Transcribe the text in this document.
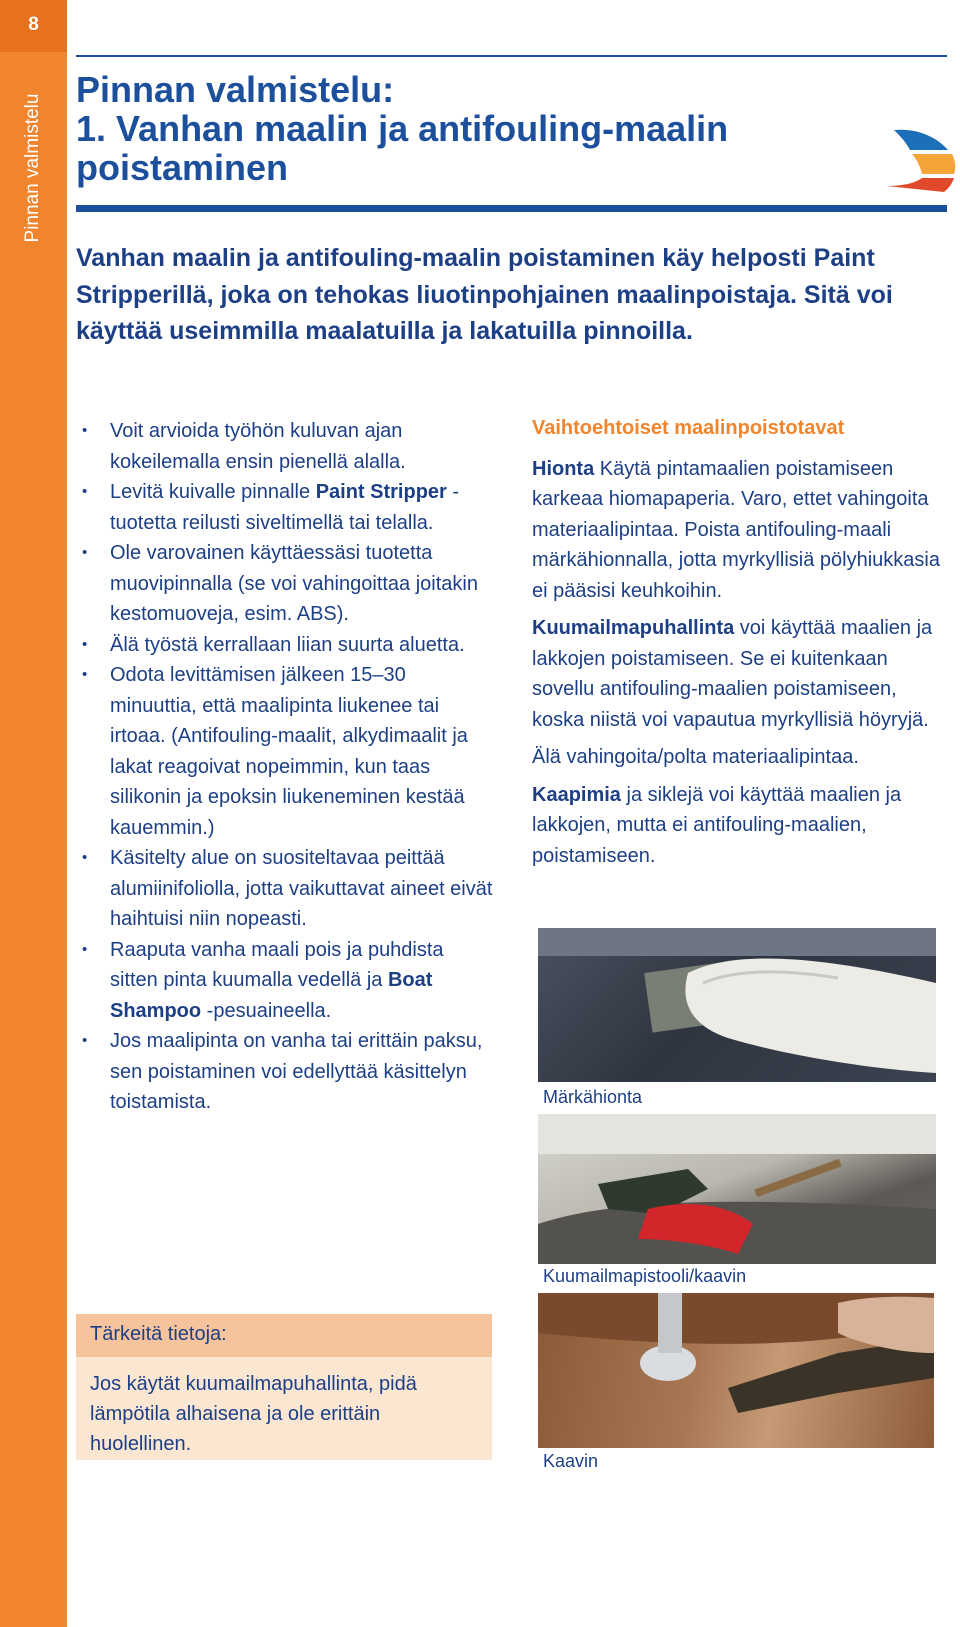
8
Pinnan valmistelu
Pinnan valmistelu:
1. Vanhan maalin ja antifouling-maalin
poistaminen

Vanhan maalin ja antifouling-maalin poistaminen käy helposti Paint Stripperillä, joka on tehokas liuotinpohjainen maalinpoistaja. Sitä voi käyttää useimmilla maalatuilla ja lakatuilla pinnoilla.

• Voit arvioida työhön kuluvan ajan kokeilemalla ensin pienellä alalla.
• Levitä kuivalle pinnalle Paint Stripper -tuotetta reilusti siveltimellä tai telalla.
• Ole varovainen käyttäessäsi tuotetta muovipinnalla (se voi vahingoittaa joitakin kestomuoveja, esim. ABS).
• Älä työstä kerrallaan liian suurta aluetta.
• Odota levittämisen jälkeen 15–30 minuuttia, että maalipinta liukenee tai irtoaa. (Antifouling-maalit, alkydimaalit ja lakat reagoivat nopeimmin, kun taas silikonin ja epoksin liukeneminen kestää kauemmin.)
• Käsitelty alue on suositeltavaa peittää alumiinifoliolla, jotta vaikuttavat aineet eivät haihtuisi niin nopeasti.
• Raaputa vanha maali pois ja puhdista sitten pinta kuumalla vedellä ja Boat Shampoo -pesuaineella.
• Jos maalipinta on vanha tai erittäin paksu, sen poistaminen voi edellyttää käsittelyn toistamista.
Vaihtoehtoiset maalinpoistotavat

Hionta Käytä pintamaalien poistamiseen karkeaa hiomapaperia. Varo, ettet vahingoita materiaalipintaa. Poista antifouling-maali märkähionnalla, jotta myrkyllisiä pölyhiukkasia ei pääsisi keuhkoihin.

Kuumailmapuhallinta voi käyttää maalien ja lakkojen poistamiseen. Se ei kuitenkaan sovellu antifouling-maalien poistamiseen, koska niistä voi vapautua myrkyllisiä höyryjä.

Älä vahingoita/polta materiaalipintaa.

Kaapimia ja siklejä voi käyttää maalien ja lakkojen, mutta ei antifouling-maalien, poistamiseen.

Märkähionta
Kuumailmapistooli/kaavin
Kaavin
Tärkeitä tietoja:
Jos käytät kuumailmapuhallinta, pidä lämpötila alhaisena ja ole erittäin huolellinen.
